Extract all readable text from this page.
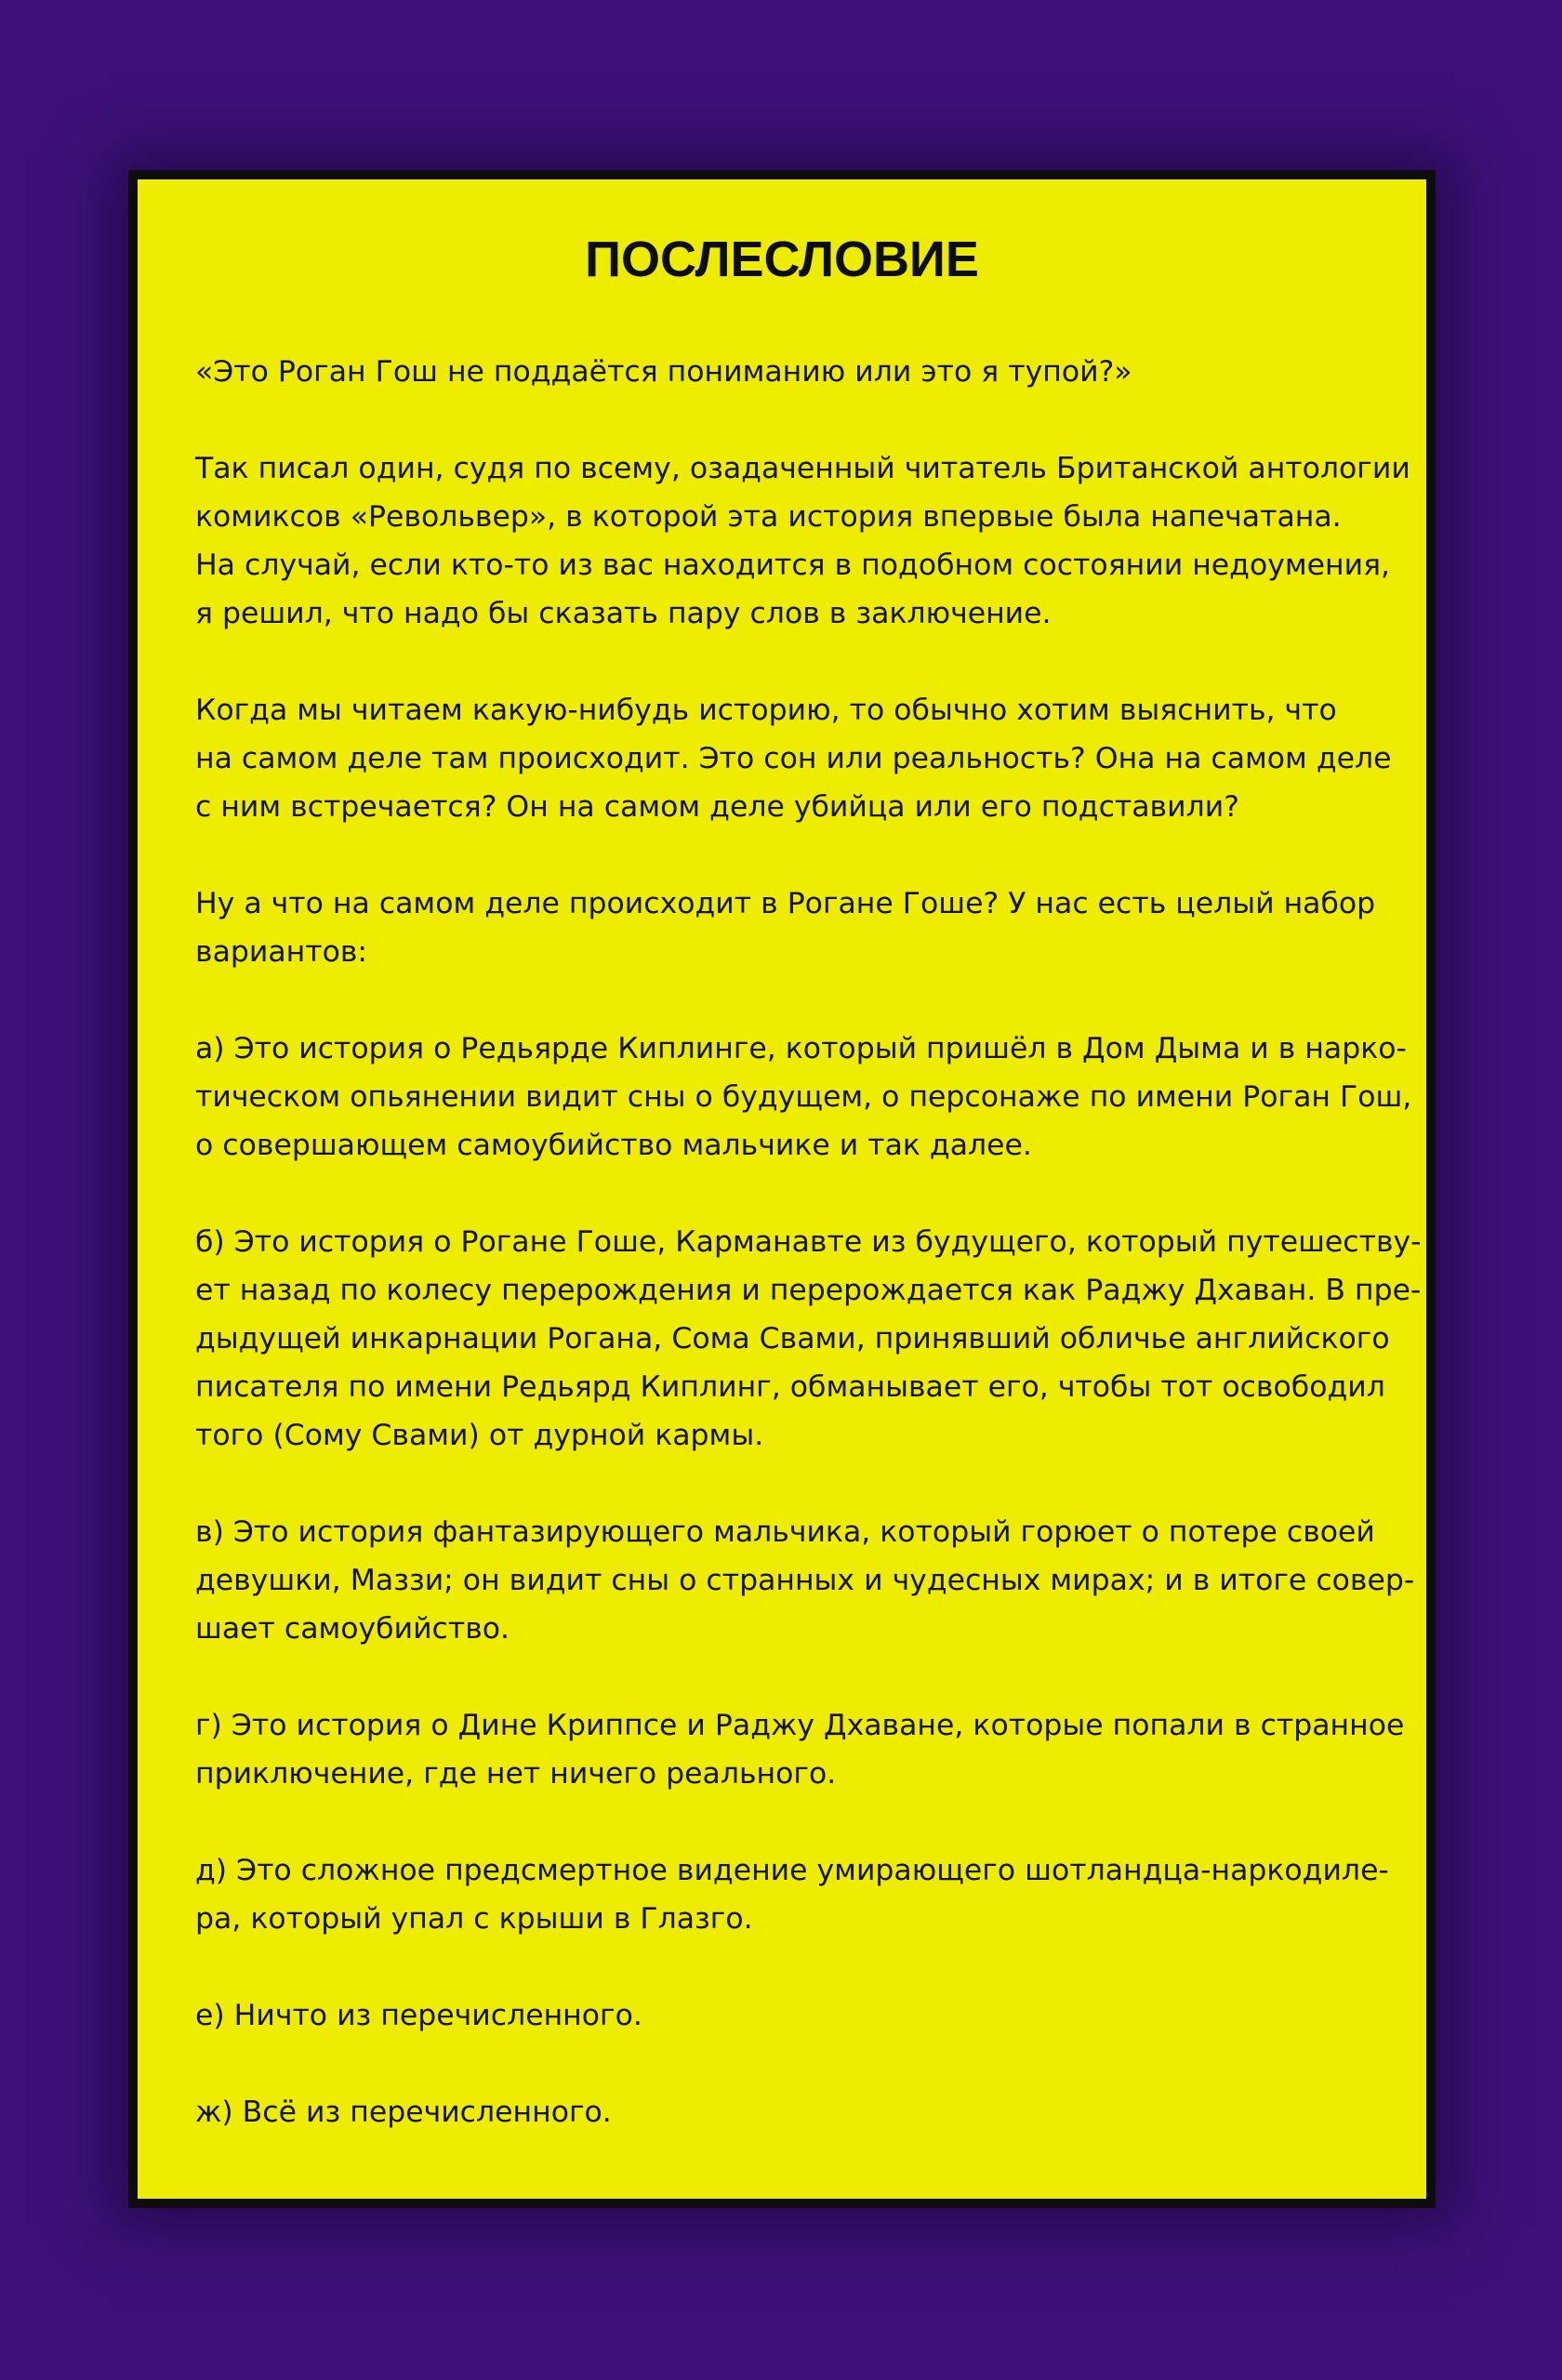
ПОСЛЕСЛОВИЕ

«Это Роган Гош не поддаётся пониманию или это я тупой?»

Так писал один, судя по всему, озадаченный читатель Британской антологии
комиксов «Револьвер», в которой эта история впервые была напечатана.
На случай, если кто-то из вас находится в подобном состоянии недоумения,
я решил, что надо бы сказать пару слов в заключение.

Когда мы читаем какую-нибудь историю, то обычно хотим выяснить, что
на самом деле там происходит. Это сон или реальность? Она на самом деле
с ним встречается? Он на самом деле убийца или его подставили?

Ну а что на самом деле происходит в Рогане Гоше? У нас есть целый набор
вариантов:

а) Это история о Редьярде Киплинге, который пришёл в Дом Дыма и в нарко-
тическом опьянении видит сны о будущем, о персонаже по имени Роган Гош,
о совершающем самоубийство мальчике и так далее.

б) Это история о Рогане Гоше, Карманавте из будущего, который путешеству-
ет назад по колесу перерождения и перерождается как Раджу Дхаван. В пре-
дыдущей инкарнации Рогана, Сома Свами, принявший обличье английского
писателя по имени Редьярд Киплинг, обманывает его, чтобы тот освободил
того (Сому Свами) от дурной кармы.

в) Это история фантазирующего мальчика, который горюет о потере своей
девушки, Маззи; он видит сны о странных и чудесных мирах; и в итоге совер-
шает самоубийство.

г) Это история о Дине Криппсе и Раджу Дхаване, которые попали в странное
приключение, где нет ничего реального.

д) Это сложное предсмертное видение умирающего шотландца-наркодиле-
ра, который упал с крыши в Глазго.

е) Ничто из перечисленного.

ж) Всё из перечисленного.
